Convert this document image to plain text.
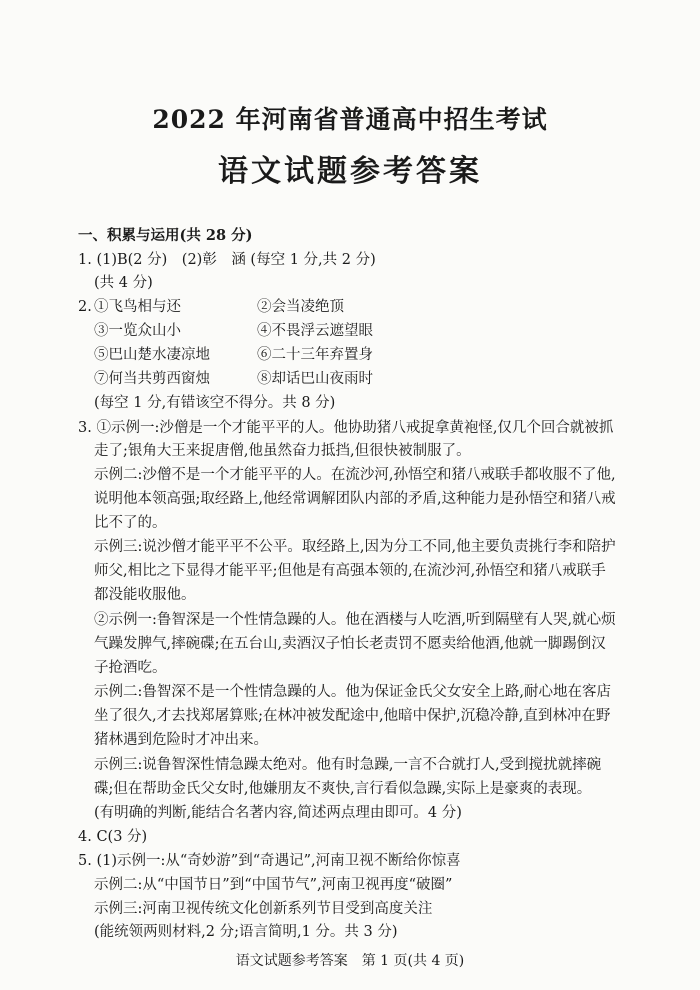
2022 年河南省普通高中招生考试
语文试题参考答案
一、积累与运用(共 28 分)
1. (1)B(2 分)　(2)彰　涵 (每空 1 分,共 2 分)
(共 4 分)
2. ①飞鸟相与还	②会当凌绝顶
③一览众山小	④不畏浮云遮望眼
⑤巴山楚水凄凉地	⑥二十三年弃置身
⑦何当共剪西窗烛	⑧却话巴山夜雨时
(每空 1 分,有错该空不得分。共 8 分)
3. ①示例一:沙僧是一个才能平平的人。他协助猪八戒捉拿黄袍怪,仅几个回合就被抓
走了;银角大王来捉唐僧,他虽然奋力抵挡,但很快被制服了。
示例二:沙僧不是一个才能平平的人。在流沙河,孙悟空和猪八戒联手都收服不了他,
说明他本领高强;取经路上,他经常调解团队内部的矛盾,这种能力是孙悟空和猪八戒
比不了的。
示例三:说沙僧才能平平不公平。取经路上,因为分工不同,他主要负责挑行李和陪护
师父,相比之下显得才能平平;但他是有高强本领的,在流沙河,孙悟空和猪八戒联手
都没能收服他。
②示例一:鲁智深是一个性情急躁的人。他在酒楼与人吃酒,听到隔壁有人哭,就心烦
气躁发脾气,摔碗碟;在五台山,卖酒汉子怕长老责罚不愿卖给他酒,他就一脚踢倒汉
子抢酒吃。
示例二:鲁智深不是一个性情急躁的人。他为保证金氏父女安全上路,耐心地在客店
坐了很久,才去找郑屠算账;在林冲被发配途中,他暗中保护,沉稳冷静,直到林冲在野
猪林遇到危险时才冲出来。
示例三:说鲁智深性情急躁太绝对。他有时急躁,一言不合就打人,受到搅扰就摔碗
碟;但在帮助金氏父女时,他嫌朋友不爽快,言行看似急躁,实际上是豪爽的表现。
(有明确的判断,能结合名著内容,简述两点理由即可。4 分)
4. C(3 分)
5. (1)示例一:从“奇妙游”到“奇遇记”,河南卫视不断给你惊喜
示例二:从“中国节日”到“中国节气”,河南卫视再度“破圈”
示例三:河南卫视传统文化创新系列节目受到高度关注
(能统领两则材料,2 分;语言简明,1 分。共 3 分)
语文试题参考答案　第 1 页(共 4 页)
